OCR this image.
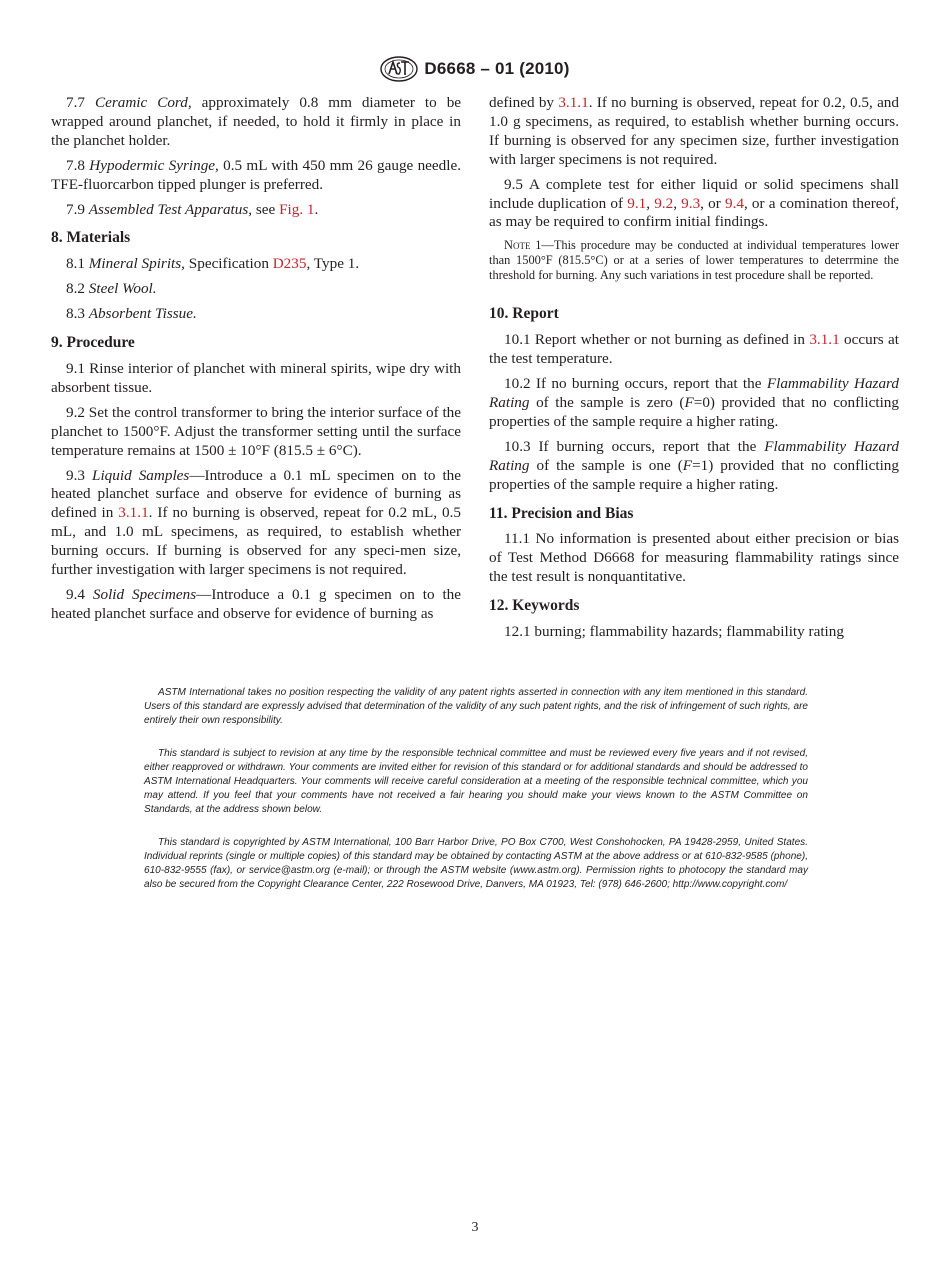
D6668 – 01 (2010)

7.7 Ceramic Cord, approximately 0.8 mm diameter to be wrapped around planchet, if needed, to hold it firmly in place in the planchet holder.

7.8 Hypodermic Syringe, 0.5 mL with 450 mm 26 gauge needle. TFE-fluorcarbon tipped plunger is preferred.

7.9 Assembled Test Apparatus, see Fig. 1.

8. Materials

8.1 Mineral Spirits, Specification D235, Type 1.

8.2 Steel Wool.

8.3 Absorbent Tissue.

9. Procedure

9.1 Rinse interior of planchet with mineral spirits, wipe dry with absorbent tissue.

9.2 Set the control transformer to bring the interior surface of the planchet to 1500°F. Adjust the transformer setting until the surface temperature remains at 1500 ± 10°F (815.5 ± 6°C).

9.3 Liquid Samples—Introduce a 0.1 mL specimen on to the heated planchet surface and observe for evidence of burning as defined in 3.1.1. If no burning is observed, repeat for 0.2 mL, 0.5 mL, and 1.0 mL specimens, as required, to establish whether burning occurs. If burning is observed for any speci-men size, further investigation with larger specimens is not required.

9.4 Solid Specimens—Introduce a 0.1 g specimen on to the heated planchet surface and observe for evidence of burning as

defined by 3.1.1. If no burning is observed, repeat for 0.2, 0.5, and 1.0 g specimens, as required, to establish whether burning occurs. If burning is observed for any specimen size, further investigation with larger specimens is not required.

9.5 A complete test for either liquid or solid specimens shall include duplication of 9.1, 9.2, 9.3, or 9.4, or a comination thereof, as may be required to confirm initial findings.

Note 1—This procedure may be conducted at individual temperatures lower than 1500°F (815.5°C) or at a series of lower temperatures to deterrmine the threshold for burning. Any such variations in test procedure shall be reported.

10. Report

10.1 Report whether or not burning as defined in 3.1.1 occurs at the test temperature.

10.2 If no burning occurs, report that the Flammability Hazard Rating of the sample is zero (F=0) provided that no conflicting properties of the sample require a higher rating.

10.3 If burning occurs, report that the Flammability Hazard Rating of the sample is one (F=1) provided that no conflicting properties of the sample require a higher rating.

11. Precision and Bias

11.1 No information is presented about either precision or bias of Test Method D6668 for measuring flammability ratings since the test result is nonquantitative.

12. Keywords

12.1 burning; flammability hazards; flammability rating

ASTM International takes no position respecting the validity of any patent rights asserted in connection with any item mentioned in this standard. Users of this standard are expressly advised that determination of the validity of any such patent rights, and the risk of infringement of such rights, are entirely their own responsibility.

This standard is subject to revision at any time by the responsible technical committee and must be reviewed every five years and if not revised, either reapproved or withdrawn. Your comments are invited either for revision of this standard or for additional standards and should be addressed to ASTM International Headquarters. Your comments will receive careful consideration at a meeting of the responsible technical committee, which you may attend. If you feel that your comments have not received a fair hearing you should make your views known to the ASTM Committee on Standards, at the address shown below.

This standard is copyrighted by ASTM International, 100 Barr Harbor Drive, PO Box C700, West Conshohocken, PA 19428-2959, United States. Individual reprints (single or multiple copies) of this standard may be obtained by contacting ASTM at the above address or at 610-832-9585 (phone), 610-832-9555 (fax), or service@astm.org (e-mail); or through the ASTM website (www.astm.org). Permission rights to photocopy the standard may also be secured from the Copyright Clearance Center, 222 Rosewood Drive, Danvers, MA 01923, Tel: (978) 646-2600; http://www.copyright.com/

3
